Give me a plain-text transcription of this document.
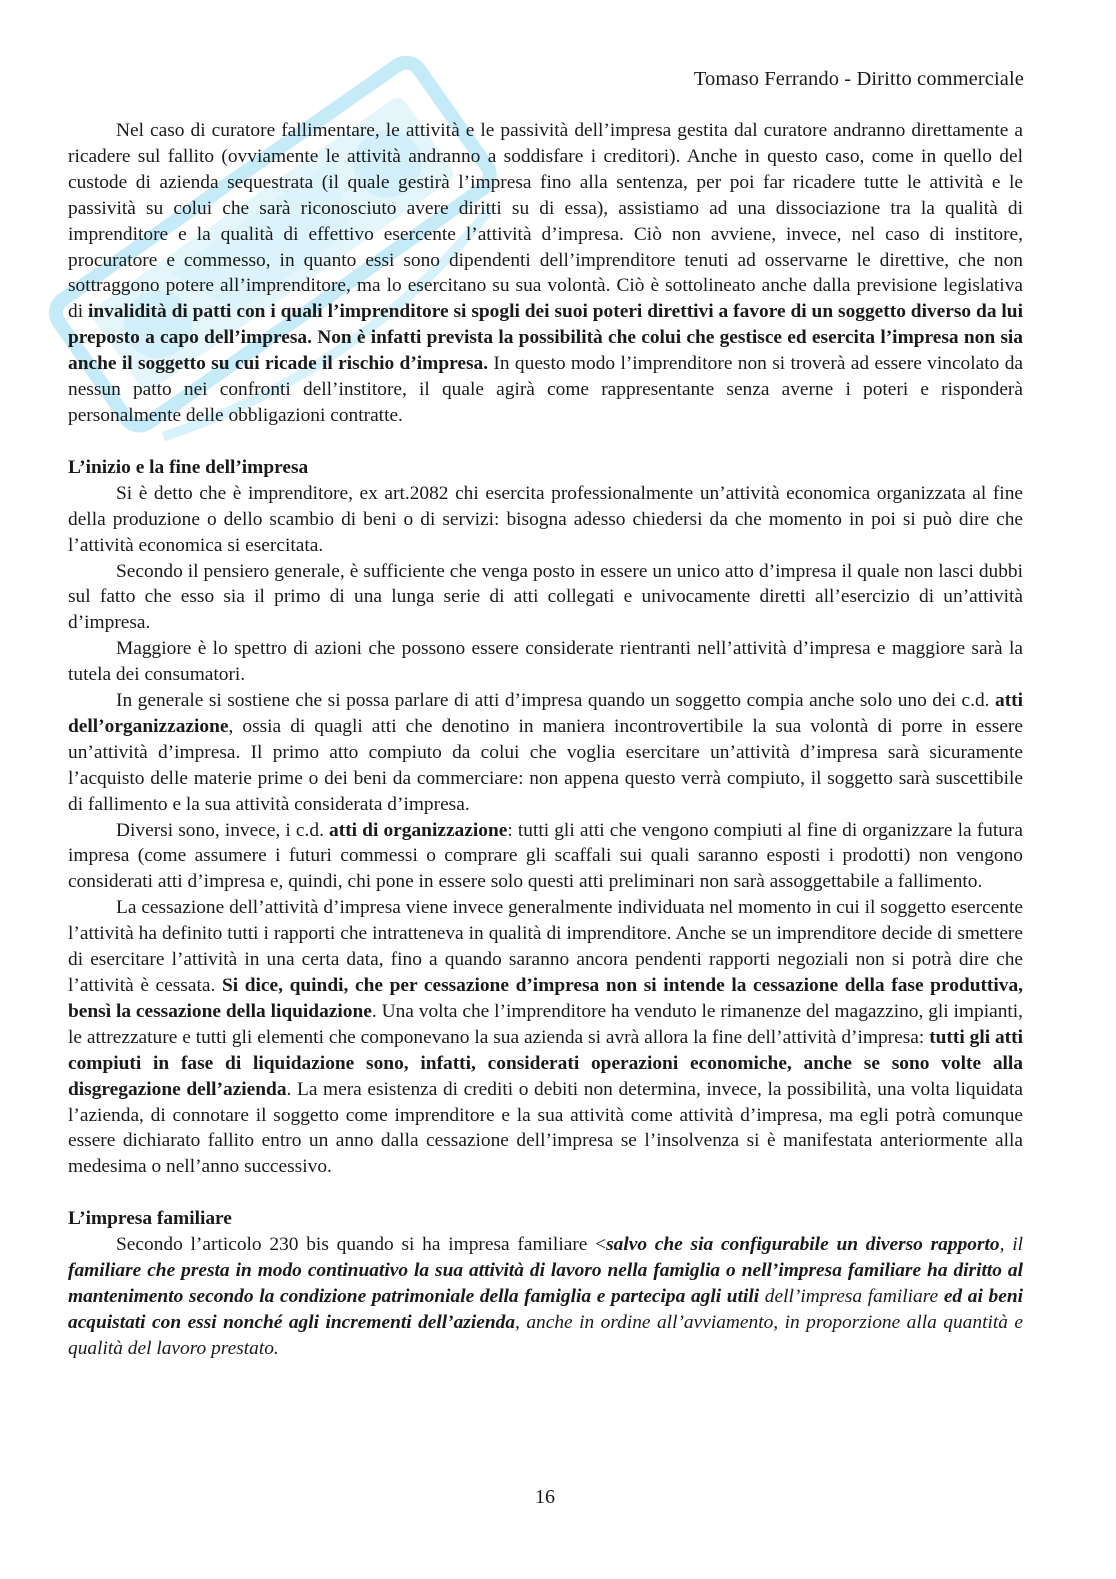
Tomaso Ferrando - Diritto commerciale

Nel caso di curatore fallimentare, le attività e le passività dell’impresa gestita dal curatore andranno direttamente a ricadere sul fallito (ovviamente le attività andranno a soddisfare i creditori). Anche in questo caso, come in quello del custode di azienda sequestrata (il quale gestirà l’impresa fino alla sentenza, per poi far ricadere tutte le attività e le passività su colui che sarà riconosciuto avere diritti su di essa), assistiamo ad una dissociazione tra la qualità di imprenditore e la qualità di effettivo esercente l’attività d’impresa. Ciò non avviene, invece, nel caso di institore, procuratore e commesso, in quanto essi sono dipendenti dell’imprenditore tenuti ad osservarne le direttive, che non sottraggono potere all’imprenditore, ma lo esercitano su sua volontà. Ciò è sottolineato anche dalla previsione legislativa di invalidità di patti con i quali l’imprenditore si spogli dei suoi poteri direttivi a favore di un soggetto diverso da lui preposto a capo dell’impresa. Non è infatti prevista la possibilità che colui che gestisce ed esercita l’impresa non sia anche il soggetto su cui ricade il rischio d’impresa. In questo modo l’imprenditore non si troverà ad essere vincolato da nessun patto nei confronti dell’institore, il quale agirà come rappresentante senza averne i poteri e risponderà personalmente delle obbligazioni contratte.

L’inizio e la fine dell’impresa

Si è detto che è imprenditore, ex art.2082 chi esercita professionalmente un’attività economica organizzata al fine della produzione o dello scambio di beni o di servizi: bisogna adesso chiedersi da che momento in poi si può dire che l’attività economica si esercitata.

Secondo il pensiero generale, è sufficiente che venga posto in essere un unico atto d’impresa il quale non lasci dubbi sul fatto che esso sia il primo di una lunga serie di atti collegati e univocamente diretti all’esercizio di un’attività d’impresa.

Maggiore è lo spettro di azioni che possono essere considerate rientranti nell’attività d’impresa e maggiore sarà la tutela dei consumatori.

In generale si sostiene che si possa parlare di atti d’impresa quando un soggetto compia anche solo uno dei c.d. atti dell’organizzazione, ossia di quagli atti che denotino in maniera incontrovertibile la sua volontà di porre in essere un’attività d’impresa. Il primo atto compiuto da colui che voglia esercitare un’attività d’impresa sarà sicuramente l’acquisto delle materie prime o dei beni da commerciare: non appena questo verrà compiuto, il soggetto sarà suscettibile di fallimento e la sua attività considerata d’impresa.

Diversi sono, invece, i c.d. atti di organizzazione: tutti gli atti che vengono compiuti al fine di organizzare la futura impresa (come assumere i futuri commessi o comprare gli scaffali sui quali saranno esposti i prodotti) non vengono considerati atti d’impresa e, quindi, chi pone in essere solo questi atti preliminari non sarà assoggettabile a fallimento.

La cessazione dell’attività d’impresa viene invece generalmente individuata nel momento in cui il soggetto esercente l’attività ha definito tutti i rapporti che intratteneva in qualità di imprenditore. Anche se un imprenditore decide di smettere di esercitare l’attività in una certa data, fino a quando saranno ancora pendenti rapporti negoziali non si potrà dire che l’attività è cessata. Si dice, quindi, che per cessazione d’impresa non si intende la cessazione della fase produttiva, bensì la cessazione della liquidazione. Una volta che l’imprenditore ha venduto le rimanenze del magazzino, gli impianti, le attrezzature e tutti gli elementi che componevano la sua azienda si avrà allora la fine dell’attività d’impresa: tutti gli atti compiuti in fase di liquidazione sono, infatti, considerati operazioni economiche, anche se sono volte alla disgregazione dell’azienda. La mera esistenza di crediti o debiti non determina, invece, la possibilità, una volta liquidata l’azienda, di connotare il soggetto come imprenditore e la sua attività come attività d’impresa, ma egli potrà comunque essere dichiarato fallito entro un anno dalla cessazione dell’impresa se l’insolvenza si è manifestata anteriormente alla medesima o nell’anno successivo.

L’impresa familiare

Secondo l’articolo 230 bis quando si ha impresa familiare <salvo che sia configurabile un diverso rapporto, il familiare che presta in modo continuativo la sua attività di lavoro nella famiglia o nell’impresa familiare ha diritto al mantenimento secondo la condizione patrimoniale della famiglia e partecipa agli utili dell’impresa familiare ed ai beni acquistati con essi nonché agli incrementi dell’azienda, anche in ordine all’avviamento, in proporzione alla quantità e qualità del lavoro prestato.

16
